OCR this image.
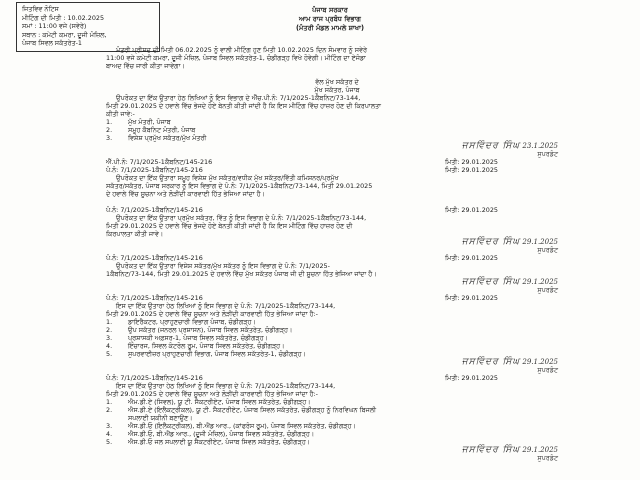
ਜਿਤਵਿਵ ਨੋਟਿਸ
ਮੀਟਿੰਗ ਦੀ ਮਿਤੀ : 10.02.2025
ਸਮਾਂ : 11:00 ਵਜੇ (ਸਵੇਰੇ)
ਸਥਾਨ : ਕਮੇਟੀ ਕਮਰਾ, ਦੂਜੀ ਮੰਜ਼ਿਲ,
ਪੰਜਾਬ ਸਿਵਲ ਸਕੱਤਰੇਤ-1
ਪੰਜਾਬ ਸਰਕਾਰ
ਆਮ ਰਾਜ ਪ੍ਰਬੰਧ ਵਿਭਾਗ
(ਮੰਤਰੀ ਮੰਡਲ ਮਾਮਲੇ ਸ਼ਾਖਾ)
ਮੰਤਰੀ ਪ੍ਰੀਸ਼ਦ ਦੀ ਮਿਤੀ 06.02.2025 ਨੂੰ ਵਾਲੀ ਮੀਟਿੰਗ ਹੁਣ ਮਿਤੀ 10.02.2025 ਦਿਨ ਸੋਮਵਾਰ ਨੂੰ ਸਵੇਰੇ
11:00 ਵਜੇ ਕਮੇਟੀ ਕਮਰਾ, ਦੂਜੀ ਮੰਜ਼ਿਲ, ਪੰਜਾਬ ਸਿਵਲ ਸਕੱਤਰੇਤ-1, ਚੰਡੀਗੜ੍ਹ ਵਿਖੇ ਹੋਵੇਗੀ। ਮੀਟਿੰਗ ਦਾ ਏਜੰਡਾ
ਬਾਅਦ ਵਿੱਚ ਜਾਰੀ ਕੀਤਾ ਜਾਵੇਗਾ।
ਵੱਲ ਮੁੱਖ ਸਕੱਤਰ ਦੇ
ਮੁੱਖ ਸਕੱਤਰ, ਪੰਜਾਬ
ਉਪਰੋਕਤ ਦਾ ਇੱਕ ਉਤਾਰਾ ਹੇਠ ਲਿਖਿਆਂ ਨੂੰ ਇਸ ਵਿਭਾਗ ਦੇ ਐੱਚ.ਪੀ.ਨੰ: 7/1/2025-1ਕੈਬਨਿਟ/73-144,
ਮਿਤੀ 29.01.2025 ਦੇ ਹਵਾਲੇ ਵਿੱਚ ਭੇਜਦੇ ਹੋਏ ਬੇਨਤੀ ਕੀਤੀ ਜਾਂਦੀ ਹੈ ਕਿ ਇਸ ਮੀਟਿੰਗ ਵਿੱਚ ਹਾਜ਼ਰ ਹੋਣ ਦੀ ਕਿਰਪਾਲਤਾ
ਕੀਤੀ ਜਾਵੇ:-
1.	ਮੁੱਖ ਮੰਤਰੀ, ਪੰਜਾਬ
2.	ਸਮੂਹ ਕੈਬਨਿਟ ਮੰਤਰੀ, ਪੰਜਾਬ
3.	ਵਿਸ਼ੇਸ਼ ਪ੍ਰਮੁੱਖ ਸਕੱਤਰ/ਮੁੱਖ ਮੰਤਰੀ
ਜਸਵਿੰਦਰ ਸਿੰਘ 23.1.2025
ਸੁਪਰਡੰਟ
ਐੱ.ਪੀ.ਨੰ: 7/1/2025-1ਕੈਬਨਿਟ/145-216	ਮਿਤੀ: 29.01.2025
ਪੰ.ਨੰ: 7/1/2025-1ਕੈਬਨਿਟ/145-216	ਮਿਤੀ: 29.01.2025
ਉਪਰੋਕਤ ਦਾ ਇੱਕ ਉਤਾਰਾ ਸਮੂਹ ਵਿਸ਼ੇਸ਼ ਮੁੱਖ ਸਕੱਤਰ/ਵਧੀਕ ਮੁੱਖ ਸਕੱਤਰ/ਵਿੱਤੀ ਕਮਿਸ਼ਨਰ/ਪ੍ਰਮੁੱਖ
ਸਕੱਤਰ/ਸਕੱਤਰ, ਪੰਜਾਬ ਸਰਕਾਰ ਨੂੰ ਇਸ ਵਿਭਾਗ ਦੇ ਪੰ.ਨੰ: 7/1/2025-1ਕੈਬਨਿਟ/73-144, ਮਿਤੀ 29.01.2025
ਦੇ ਹਵਾਲੇ ਵਿੱਚ ਸੂਚਨਾ ਅਤੇ ਲੋੜੀਂਦੀ ਕਾਰਵਾਈ ਹਿੱਤ ਭੇਜਿਆ ਜਾਂਦਾ ਹੈ।
ਪੰ.ਨੰ: 7/1/2025-1ਕੈਬਨਿਟ/145-216	ਮਿਤੀ: 29.01.2025
ਉਪਰੋਕਤ ਦਾ ਇੱਕ ਉਤਾਰਾ ਪ੍ਰਮੁੱਖ ਸਕੱਤਰ, ਵਿੱਤ ਨੂੰ ਇਸ ਵਿਭਾਗ ਦੇ ਪੰ.ਨੰ: 7/1/2025-1ਕੈਬਨਿਟ/73-144,
ਮਿਤੀ 29.01.2025 ਦੇ ਹਵਾਲੇ ਵਿੱਚ ਭੇਜਦੇ ਹੋਏ ਬੇਨਤੀ ਕੀਤੀ ਜਾਂਦੀ ਹੈ ਕਿ ਇਸ ਮੀਟਿੰਗ ਵਿੱਚ ਹਾਜ਼ਰ ਹੋਣ ਦੀ
ਕਿਰਪਾਲਤਾ ਕੀਤੀ ਜਾਵੇ।
ਜਸਵਿੰਦਰ ਸਿੰਘ 29.1.2025
ਸੁਪਰਡੰਟ
ਪੰ.ਨੰ: 7/1/2025-1ਕੈਬਨਿਟ/145-216	ਮਿਤੀ: 29.01.2025
ਉਪਰੋਕਤ ਦਾ ਇੱਕ ਉਤਾਰਾ ਵਿਸ਼ੇਸ਼ ਸਕੱਤਰ/ਮੁੱਖ ਸਕੱਤਰ ਨੂੰ ਇਸ ਵਿਭਾਗ ਦੇ ਪੰ.ਨੰ: 7/1/2025-
1ਕੈਬਨਿਟ/73-144, ਮਿਤੀ 29.01.2025 ਦੇ ਹਵਾਲੇ ਵਿੱਚ ਮੁੱਖ ਸਕੱਤਰ ਪੰਜਾਬ ਜੀ ਦੀ ਸੂਚਨਾ ਹਿੱਤ ਭੇਜਿਆ ਜਾਂਦਾ ਹੈ।
ਜਸਵਿੰਦਰ ਸਿੰਘ 29.1.2025
ਸੁਪਰਡੰਟ
ਪੰ.ਨੰ: 7/1/2025-1ਕੈਬਨਿਟ/145-216	ਮਿਤੀ: 29.01.2025
ਇਸ ਦਾ ਇੱਕ ਉਤਾਰਾ ਹੇਠ ਲਿਖਿਆਂ ਨੂੰ ਇਸ ਵਿਭਾਗ ਦੇ ਪੰ.ਨੰ: 7/1/2025-1ਕੈਬਨਿਟ/73-144,
ਮਿਤੀ 29.01.2025 ਦੇ ਹਵਾਲੇ ਵਿੱਚ ਸੂਚਨਾ ਅਤੇ ਲੋੜੀਂਦੀ ਕਾਰਵਾਈ ਹਿੱਤ ਭੇਜਿਆ ਜਾਂਦਾ ਹੈ:-
1.	ਡਾਇਰੈਕਟਰ, ਪ੍ਰਾਹੁਣਚਾਰੀ ਵਿਭਾਗ ਪੰਜਾਬ, ਚੰਡੀਗੜ੍ਹ।
2.	ਉਪ ਸਕੱਤਰ (ਜਨਰਲ ਪ੍ਰਸ਼ਾਸਨ), ਪੰਜਾਬ ਸਿਵਲ ਸਕੱਤਰੇਤ, ਚੰਡੀਗੜ੍ਹ।
3.	ਪ੍ਰਸ਼ਾਸਕੀ ਅਫ਼ਸਰ-1, ਪੰਜਾਬ ਸਿਵਲ ਸਕੱਤਰੇਤ, ਚੰਡੀਗੜ੍ਹ।
4.	ਇੰਚਾਰਜ, ਸਿਵਲ ਕੰਟਰੋਲ ਰੂਮ, ਪੰਜਾਬ ਸਿਵਲ ਸਕੱਤਰੇਤ, ਚੰਡੀਗੜ੍ਹ।
5.	ਸੁਪਰਵਾਈਜ਼ਰ ਪ੍ਰਾਹੁਣਚਾਰੀ ਵਿਭਾਗ, ਪੰਜਾਬ ਸਿਵਲ ਸਕੱਤਰੇਤ-1, ਚੰਡੀਗੜ੍ਹ।
ਜਸਵਿੰਦਰ ਸਿੰਘ 29.1.2025
ਸੁਪਰਡੰਟ
ਪੰ.ਨੰ: 7/1/2025-1ਕੈਬਨਿਟ/145-216	ਮਿਤੀ: 29.01.2025
ਇਸ ਦਾ ਇੱਕ ਉਤਾਰਾ ਹੇਠ ਲਿਖਿਆਂ ਨੂੰ ਇਸ ਵਿਭਾਗ ਦੇ ਪੰ.ਨੰ: 7/1/2025-1ਕੈਬਨਿਟ/73-144,
ਮਿਤੀ 29.01.2025 ਦੇ ਹਵਾਲੇ ਵਿੱਚ ਸੂਚਨਾ ਅਤੇ ਲੋੜੀਂਦੀ ਕਾਰਵਾਈ ਹਿੱਤ ਭੇਜਿਆ ਜਾਂਦਾ ਹੈ:-
1.	ਐਮ.ਡੀ.ਏ (ਸਿਵਲ), ਯੂ ਟੀ. ਸੈਕਟਰੀਏਟ, ਪੰਜਾਬ ਸਿਵਲ ਸਕੱਤਰੇਤ, ਚੰਡੀਗੜ੍ਹ।
2.	ਐਸ.ਡੀ.ਏ (ਇਲੈਕਟ੍ਰੀਕਲ), ਯੂ ਟੀ. ਸੈਕਟਰੀਏਟ, ਪੰਜਾਬ ਸਿਵਲ ਸਕੱਤਰੇਤ, ਚੰਡੀਗੜ੍ਹ ਨੂੰ ਨਿਰਵਿਘਨ ਬਿਜਲੀ
ਸਪਲਾਈ ਯਕੀਨੀ ਬਣਾਉਣ।
3.	ਐਸ.ਡੀ.ਓ (ਇਲੈਕਟ੍ਰੀਕਲ), ਬੀ.ਐਂਡ ਆਰ., (ਕਾਂਫਰੰਸ ਰੂਮ), ਪੰਜਾਬ ਸਿਵਲ ਸਕੱਤਰੇਤ, ਚੰਡੀਗੜ੍ਹ।
4.	ਐਸ.ਡੀ.ਓ, ਬੀ.ਐਂਡ ਆਰ., (ਦੂਜੀ ਮੰਜ਼ਿਲ), ਪੰਜਾਬ ਸਿਵਲ ਸਕੱਤਰੇਤ, ਚੰਡੀਗੜ੍ਹ।
5.	ਐਸ.ਡੀ.ਓ ਜਲ ਸਪਲਾਈ ਯੂ ਸੈਕਟਰੀਏਟ, ਪੰਜਾਬ ਸਿਵਲ ਸਕੱਤਰੇਤ, ਚੰਡੀਗੜ੍ਹ।
ਜਸਵਿੰਦਰ ਸਿੰਘ 29.1.2025
ਸੁਪਰਡੰਟ
